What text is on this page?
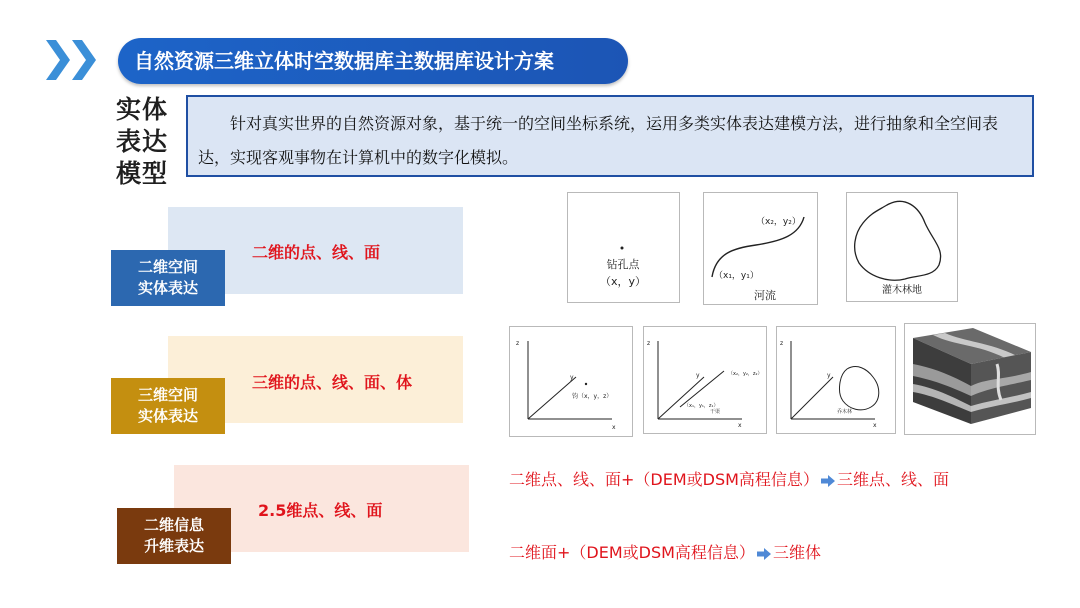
自然资源三维立体时空数据库主数据库设计方案
实体
表达
模型
针对真实世界的自然资源对象，基于统一的空间坐标系统，运用多类实体表达建模方法，进行抽象和全空间表达，实现客观事物在计算机中的数字化模拟。
二维的点、线、面
二维空间
实体表达
三维的点、线、面、体
三维空间
实体表达
2.5维点、线、面
二维信息
升维表达
钻孔点
（x，y）
（x₂，y₂）
（x₁，y₁）
河流	灌木林地
z
y
x
钧（x，y，z）
z
y
x
（x₂，y₂，z₂）
（x₁，y₁，z₁）
干渠
z
y
x
乔木林
二维点、线、面+（DEM或DSM高程信息） 三维点、线、面
二维面+（DEM或DSM高程信息） 三维体
